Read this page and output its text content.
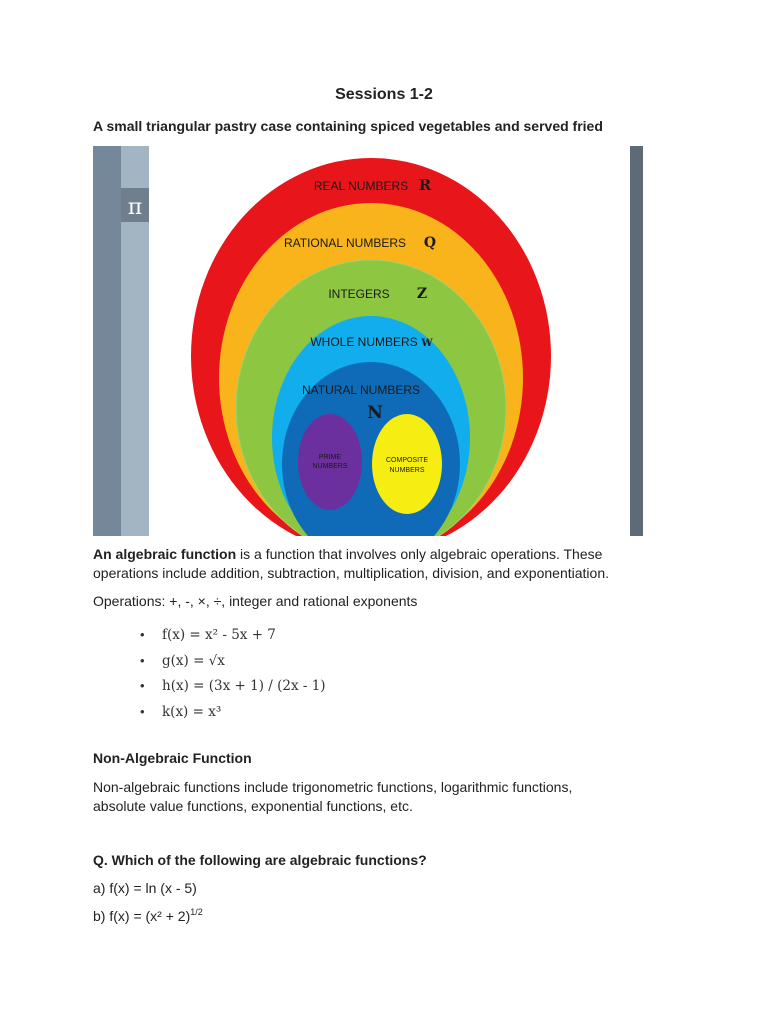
Sessions 1-2
A small triangular pastry case containing spiced vegetables and served fried
π
REAL NUMBERS
RATIONAL NUMBERS
INTEGERS
WHOLE NUMBERS
NATURAL NUMBERS
R
Q
Z
W
N
PRIME
NUMBERS
COMPOSITE
NUMBERS
An algebraic function is a function that involves only algebraic operations. These
operations include addition, subtraction, multiplication, division, and exponentiation.
Operations: +, -, ×, ÷, integer and rational exponents
• f(x) = x² - 5x + 7
• g(x) = √x
• h(x) = (3x + 1) / (2x - 1)
• k(x) = x³
Non-Algebraic Function
Non-algebraic functions include trigonometric functions, logarithmic functions,
absolute value functions, exponential functions, etc.
Q. Which of the following are algebraic functions?
a) f(x) = ln (x - 5)
b) $f(x) = (x^2 + 2)^{1/2}$
